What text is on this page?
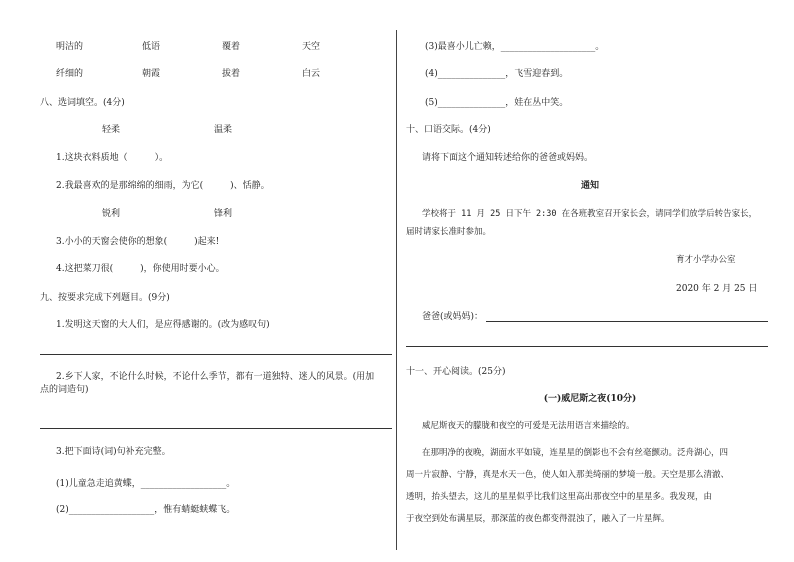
明洁的	低语	覆着	天空
纤细的	朝霞	拔着	白云
八、选词填空。(4分)
轻柔	温柔
1.这块衣料质地（　　　）。
2.我最喜欢的是那绵绵的细雨，为它(　　　)、恬静。
锐利	锋利
3.小小的天窗会使你的想象(　　　)起来!
4.这把菜刀很(　　　)，你使用时要小心。
九、按要求完成下列题目。(9分)
1.发明这天窗的大人们，是应得感谢的。(改为感叹句)
2.乡下人家，不论什么时候，不论什么季节，都有一道独特、迷人的风景。(用加
点的词造句)
3.把下面诗(词)句补充完整。
(1)儿童急走追黄蝶，___________________。
(2)___________________，惟有蜻蜓蛱蝶飞。
(3)最喜小儿亡赖，_____________________。
(4)_______________，飞雪迎春到。
(5)_______________，娃在丛中笑。
十、口语交际。(4分)
请将下面这个通知转述给你的爸爸或妈妈。
通知
学校将于 11 月 25 日下午 2:30 在各班教室召开家长会，请同学们放学后转告家长，
届时请家长准时参加。
育才小学办公室
2020 年 2 月 25 日
爸爸(或妈妈)：
十一、开心阅读。(25分)
(一)威尼斯之夜(10分)
威尼斯夜天的朦胧和夜空的可爱是无法用语言来描绘的。
在那明净的夜晚，湖面水平如镜，连星星的倒影也不会有丝毫颤动。泛舟湖心，四
周一片寂静、宁静，真是水天一色，使人如入那美绮丽的梦境一般。天空是那么清澈、
透明，抬头望去，这儿的星星似乎比我们这里高出那夜空中的星星多。我发现，由
于夜空到处布满星辰，那深蓝的夜色都变得混浊了，融入了一片星辉。
